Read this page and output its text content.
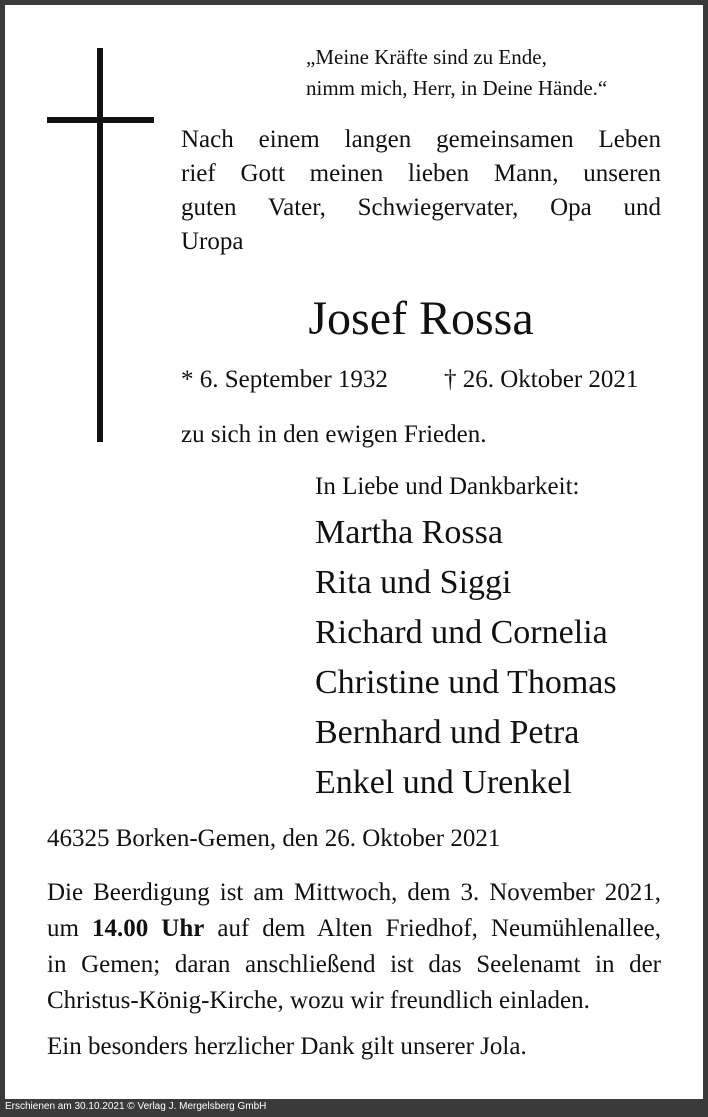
„Meine Kräfte sind zu Ende,
nimm mich, Herr, in Deine Hände.“
Nach einem langen gemeinsamen Leben
rief Gott meinen lieben Mann, unseren
guten Vater, Schwiegervater, Opa und
Uropa
Josef Rossa
* 6. September 1932 † 26. Oktober 2021
zu sich in den ewigen Frieden.
In Liebe und Dankbarkeit:
Martha Rossa
Rita und Siggi
Richard und Cornelia
Christine und Thomas
Bernhard und Petra
Enkel und Urenkel
46325 Borken-Gemen, den 26. Oktober 2021
Die Beerdigung ist am Mittwoch, dem 3. November 2021,
um 14.00 Uhr auf dem Alten Friedhof, Neumühlenallee,
in Gemen; daran anschließend ist das Seelenamt in der
Christus-König-Kirche, wozu wir freundlich einladen.
Ein besonders herzlicher Dank gilt unserer Jola.
Erschienen am 30.10.2021 © Verlag J. Mergelsberg GmbH
